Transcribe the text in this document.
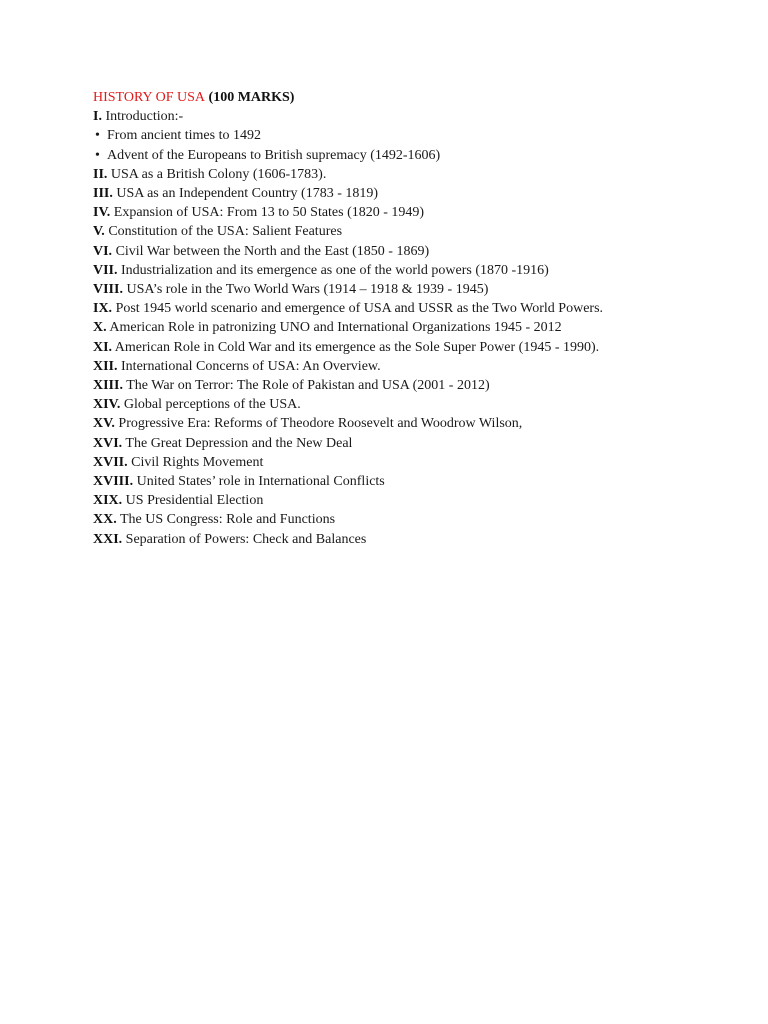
HISTORY OF USA (100 MARKS)
I. Introduction:-
• From ancient times to 1492
• Advent of the Europeans to British supremacy (1492-1606)
II. USA as a British Colony (1606-1783).
III. USA as an Independent Country (1783 - 1819)
IV. Expansion of USA: From 13 to 50 States (1820 - 1949)
V. Constitution of the USA: Salient Features
VI. Civil War between the North and the East (1850 - 1869)
VII. Industrialization and its emergence as one of the world powers (1870 -1916)
VIII. USA’s role in the Two World Wars (1914 – 1918 & 1939 - 1945)
IX. Post 1945 world scenario and emergence of USA and USSR as the Two World Powers.
X. American Role in patronizing UNO and International Organizations 1945 - 2012
XI. American Role in Cold War and its emergence as the Sole Super Power (1945 - 1990).
XII. International Concerns of USA: An Overview.
XIII. The War on Terror: The Role of Pakistan and USA (2001 - 2012)
XIV. Global perceptions of the USA.
XV. Progressive Era: Reforms of Theodore Roosevelt and Woodrow Wilson,
XVI. The Great Depression and the New Deal
XVII. Civil Rights Movement
XVIII. United States’ role in International Conflicts
XIX. US Presidential Election
XX. The US Congress: Role and Functions
XXI. Separation of Powers: Check and Balances
